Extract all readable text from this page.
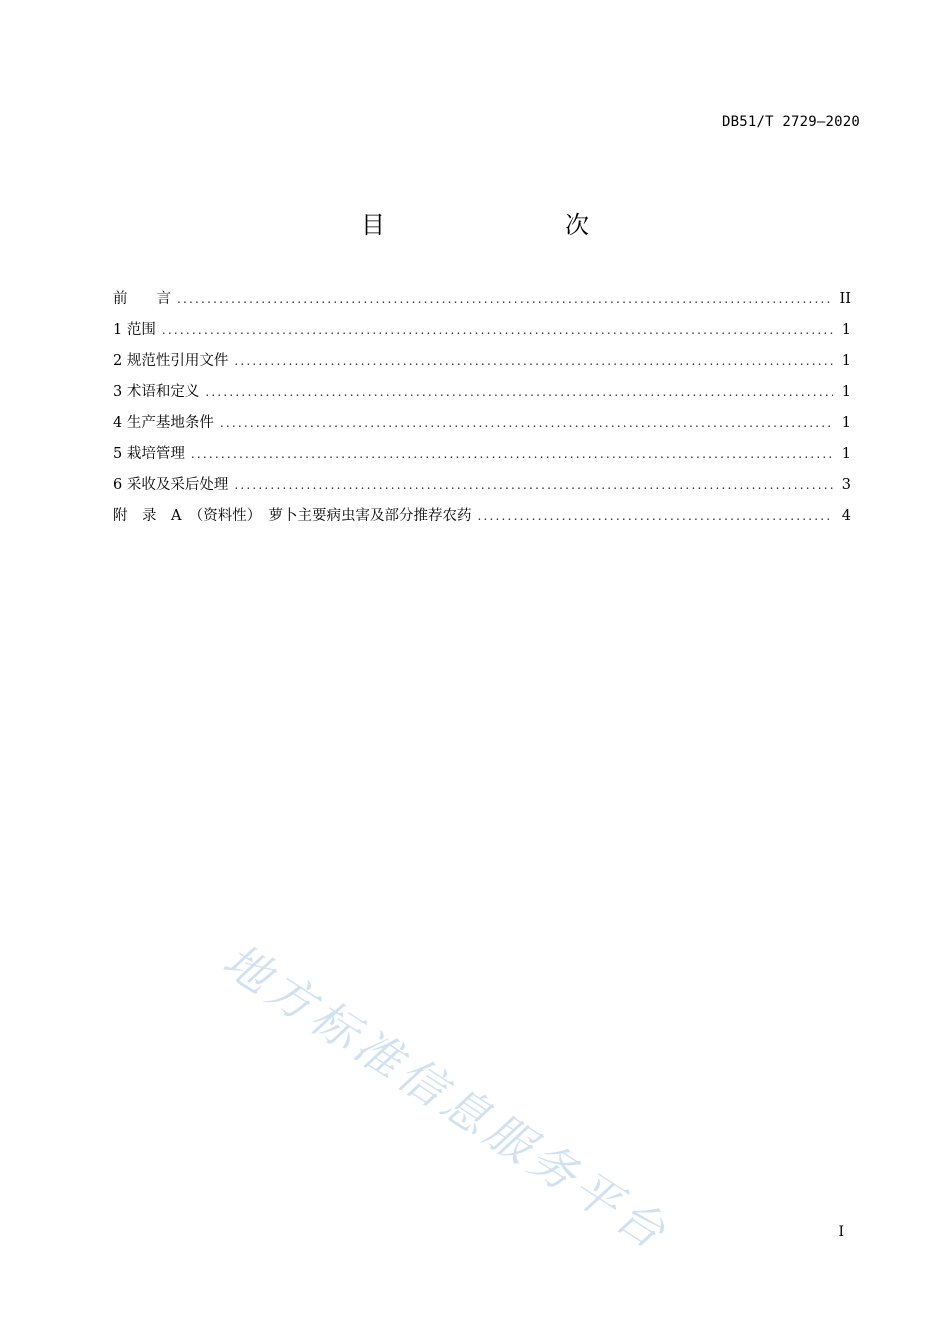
DB51/T 2729—2020
目　　次
前　　言 .....	II
1 范围 .....	1
2 规范性引用文件 .....	1
3 术语和定义 .....	1
4 生产基地条件 .....	1
5 栽培管理 .....	1
6 采收及采后处理 .....	3
附　录　A　（资料性）　萝卜主要病虫害及部分推荐农药 .....	4
地方标准信息服务平台	I
